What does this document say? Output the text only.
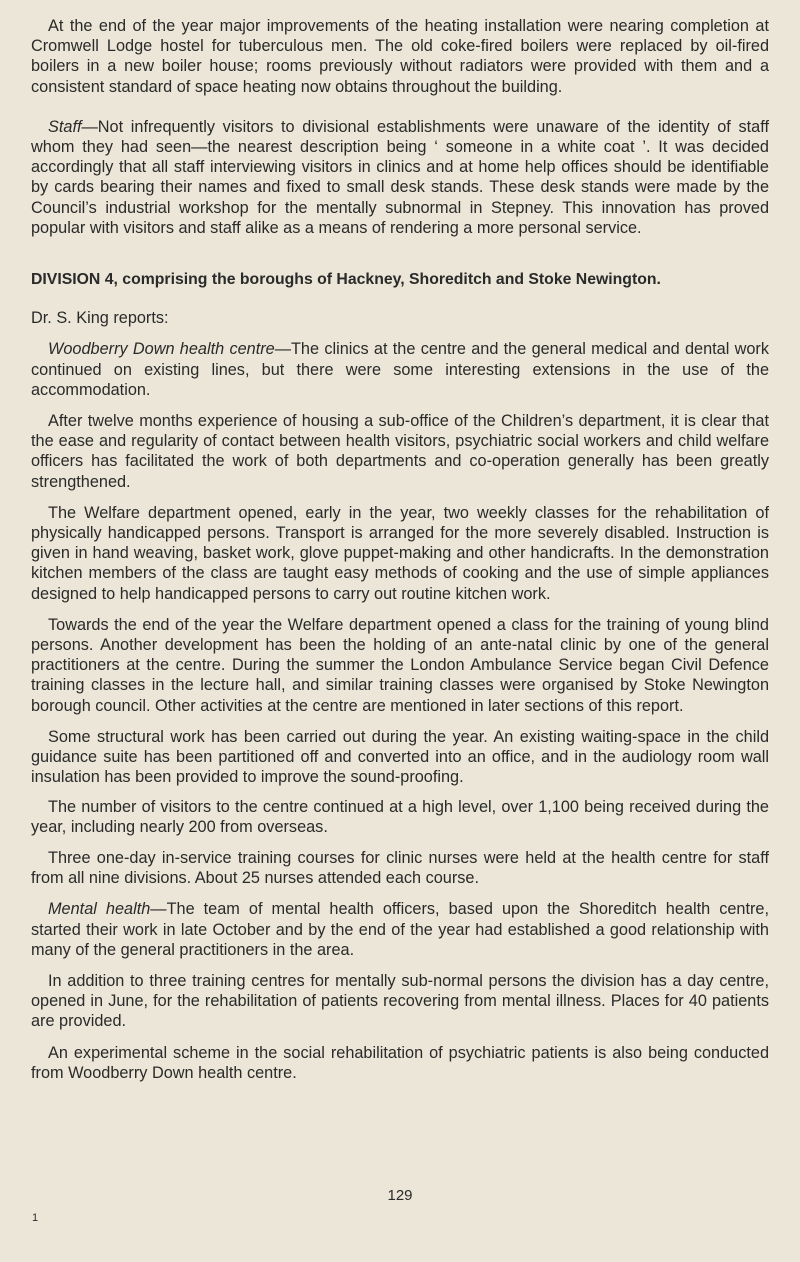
At the end of the year major improvements of the heating installation were nearing completion at Cromwell Lodge hostel for tuberculous men. The old coke-fired boilers were replaced by oil-fired boilers in a new boiler house; rooms previously without radiators were provided with them and a consistent standard of space heating now obtains throughout the building.

Staff—Not infrequently visitors to divisional establishments were unaware of the identity of staff whom they had seen—the nearest description being ‘ someone in a white coat ’. It was decided accordingly that all staff interviewing visitors in clinics and at home help offices should be identifiable by cards bearing their names and fixed to small desk stands. These desk stands were made by the Council’s industrial workshop for the mentally subnormal in Stepney. This innovation has proved popular with visitors and staff alike as a means of rendering a more personal service.

DIVISION 4, comprising the boroughs of Hackney, Shoreditch and Stoke Newington.

Dr. S. King reports:

Woodberry Down health centre—The clinics at the centre and the general medical and dental work continued on existing lines, but there were some interesting extensions in the use of the accommodation.

After twelve months experience of housing a sub-office of the Children’s department, it is clear that the ease and regularity of contact between health visitors, psychiatric social workers and child welfare officers has facilitated the work of both departments and co-operation generally has been greatly strengthened.

The Welfare department opened, early in the year, two weekly classes for the rehabilitation of physically handicapped persons. Transport is arranged for the more severely disabled. Instruction is given in hand weaving, basket work, glove puppet-making and other handicrafts. In the demonstration kitchen members of the class are taught easy methods of cooking and the use of simple appliances designed to help handicapped persons to carry out routine kitchen work.

Towards the end of the year the Welfare department opened a class for the training of young blind persons. Another development has been the holding of an ante-natal clinic by one of the general practitioners at the centre. During the summer the London Ambulance Service began Civil Defence training classes in the lecture hall, and similar training classes were organised by Stoke Newington borough council. Other activities at the centre are mentioned in later sections of this report.

Some structural work has been carried out during the year. An existing waiting-space in the child guidance suite has been partitioned off and converted into an office, and in the audiology room wall insulation has been provided to improve the sound-proofing.

The number of visitors to the centre continued at a high level, over 1,100 being received during the year, including nearly 200 from overseas.

Three one-day in-service training courses for clinic nurses were held at the health centre for staff from all nine divisions. About 25 nurses attended each course.

Mental health—The team of mental health officers, based upon the Shoreditch health centre, started their work in late October and by the end of the year had established a good relationship with many of the general practitioners in the area.

In addition to three training centres for mentally sub-normal persons the division has a day centre, opened in June, for the rehabilitation of patients recovering from mental illness. Places for 40 patients are provided.

An experimental scheme in the social rehabilitation of psychiatric patients is also being conducted from Woodberry Down health centre.

129
1
